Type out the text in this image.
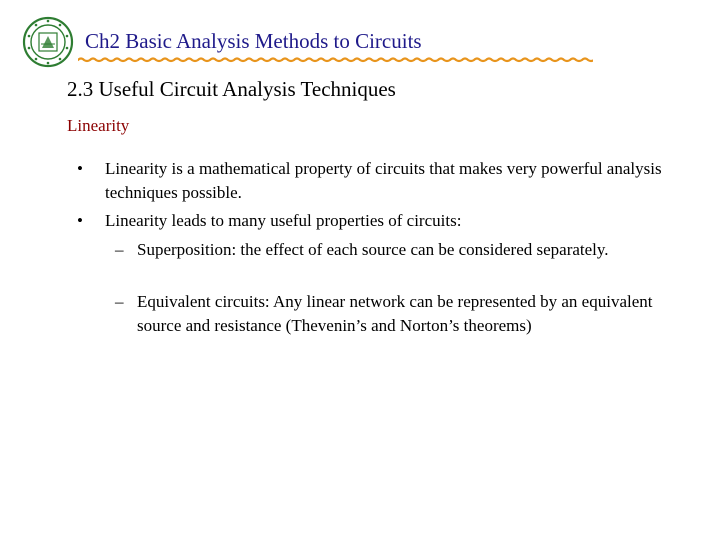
Ch2 Basic Analysis Methods to Circuits
2.3 Useful Circuit Analysis Techniques
Linearity
• Linearity is a mathematical property of circuits that makes very powerful analysis techniques possible.
• Linearity leads to many useful properties of circuits:
– Superposition: the effect of each source can be considered separately.
– Equivalent circuits: Any linear network can be represented by an equivalent source and resistance (Thevenin’s and Norton’s theorems)
